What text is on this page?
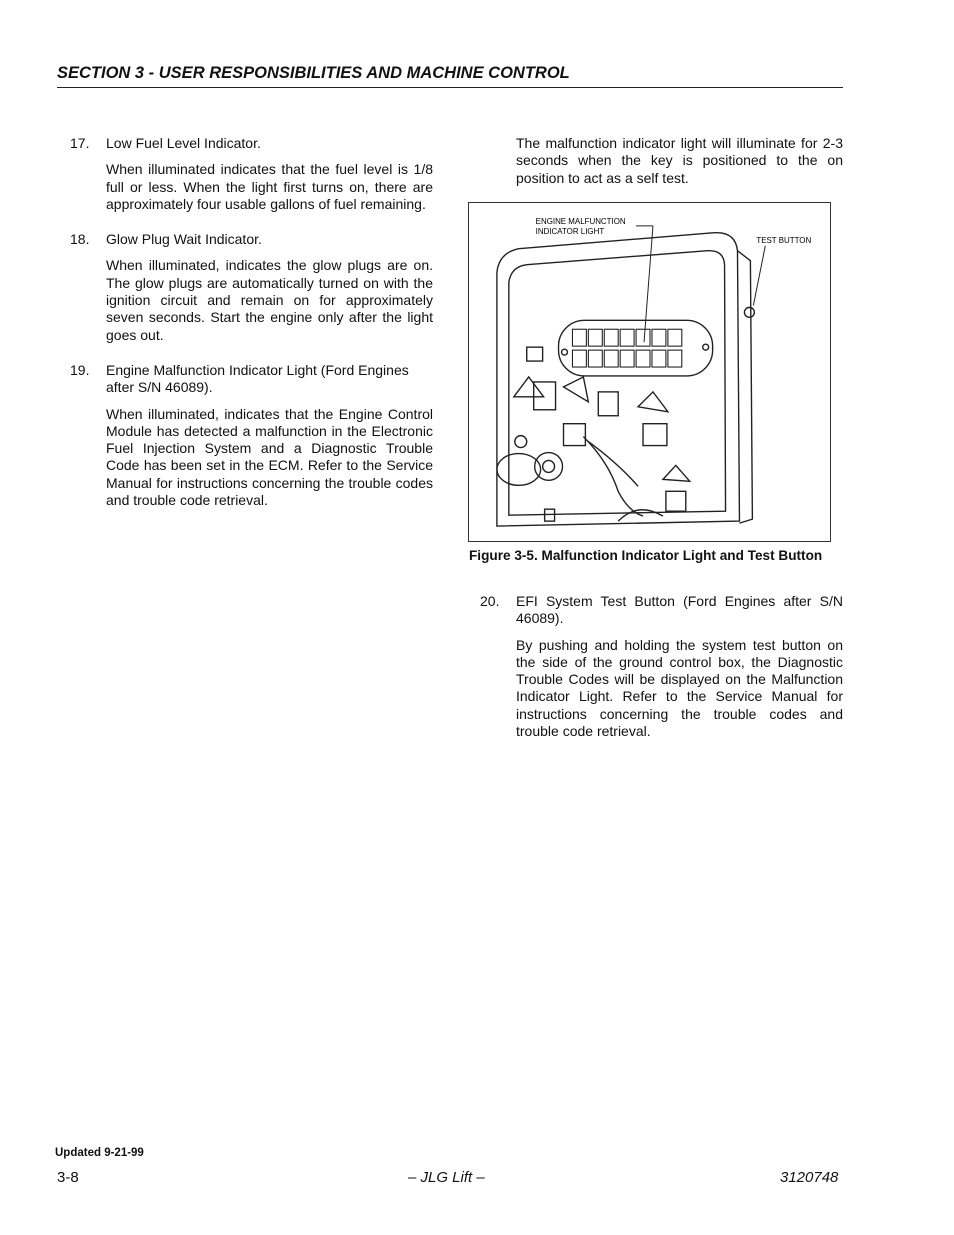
SECTION 3 - USER RESPONSIBILITIES AND MACHINE CONTROL
17.	Low Fuel Level Indicator.

When illuminated indicates that the fuel level is 1/8 full or less. When the light first turns on, there are approximately four usable gallons of fuel remaining.

18.	Glow Plug Wait Indicator.

When illuminated, indicates the glow plugs are on. The glow plugs are automatically turned on with the ignition circuit and remain on for approximately seven seconds. Start the engine only after the light goes out.

19.	Engine Malfunction Indicator Light (Ford Engines after S/N 46089).

When illuminated, indicates that the Engine Control Module has detected a malfunction in the Electronic Fuel Injection System and a Diagnostic Trouble Code has been set in the ECM. Refer to the Service Manual for instructions concerning the trouble codes and trouble code retrieval.

The malfunction indicator light will illuminate for 2-3 seconds when the key is positioned to the on position to act as a self test.

ENGINE MALFUNCTION
INDICATOR LIGHT
TEST BUTTON
Figure 3-5. Malfunction Indicator Light and Test Button
20.	EFI System Test Button (Ford Engines after S/N 46089).

By pushing and holding the system test button on the side of the ground control box, the Diagnostic Trouble Codes will be displayed on the Malfunction Indicator Light. Refer to the Service Manual for instructions concerning the trouble codes and trouble code retrieval.

Updated 9-21-99
3-8	– JLG Lift –	3120748
